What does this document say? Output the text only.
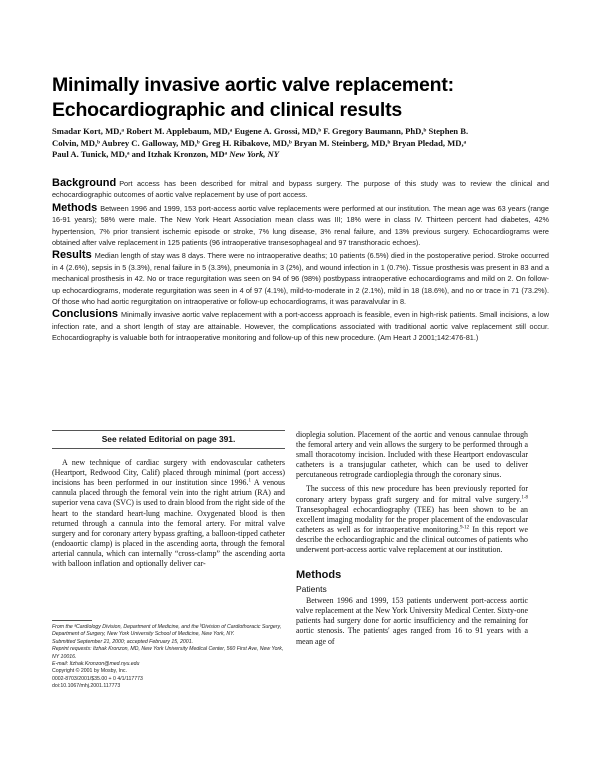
Minimally invasive aortic valve replacement:
Echocardiographic and clinical results
Smadar Kort, MD,ᵃ Robert M. Applebaum, MD,ᵃ Eugene A. Grossi, MD,ᵇ F. Gregory Baumann, PhD,ᵇ Stephen B.
Colvin, MD,ᵇ Aubrey C. Galloway, MD,ᵇ Greg H. Ribakove, MD,ᵇ Bryan M. Steinberg, MD,ᵇ Bryan Pledad, MD,ᵃ
Paul A. Tunick, MD,ᵃ and Itzhak Kronzon, MDᵃ New York, NY

Background Port access has been described for mitral and bypass surgery. The purpose of this study was to review the clinical and echocardiographic outcomes of aortic valve replacement by use of port access.

Methods Between 1996 and 1999, 153 port-access aortic valve replacements were performed at our institution. The mean age was 63 years (range 16-91 years); 58% were male. The New York Heart Association mean class was III; 18% were in class IV. Thirteen percent had diabetes, 42% hypertension, 7% prior transient ischemic episode or stroke, 7% lung disease, 3% renal failure, and 13% previous surgery. Echocardiograms were obtained after valve replacement in 125 patients (96 intraoperative transesophageal and 97 transthoracic echoes).

Results Median length of stay was 8 days. There were no intraoperative deaths; 10 patients (6.5%) died in the postoperative period. Stroke occurred in 4 (2.6%), sepsis in 5 (3.3%), renal failure in 5 (3.3%), pneumonia in 3 (2%), and wound infection in 1 (0.7%). Tissue prosthesis was present in 83 and a mechanical prosthesis in 42. No or trace regurgitation was seen on 94 of 96 (98%) postbypass intraoperative echocardiograms and mild on 2. On follow-up echocardiograms, moderate regurgitation was seen in 4 of 97 (4.1%), mild-to-moderate in 2 (2.1%), mild in 18 (18.6%), and no or trace in 71 (73.2%). Of those who had aortic regurgitation on intraoperative or follow-up echocardiograms, it was paravalvular in 8.

Conclusions Minimally invasive aortic valve replacement with a port-access approach is feasible, even in high-risk patients. Small incisions, a low infection rate, and a short length of stay are attainable. However, the complications associated with traditional aortic valve replacement still occur. Echocardiography is valuable both for intraoperative monitoring and follow-up of this new procedure. (Am Heart J 2001;142:476-81.)

See related Editorial on page 391.

A new technique of cardiac surgery with endovascular catheters (Heartport, Redwood City, Calif) placed through minimal (port access) incisions has been performed in our institution since 1996.$^1$ A venous cannula placed through the femoral vein into the right atrium (RA) and superior vena cava (SVC) is used to drain blood from the right side of the heart to the standard heart-lung machine. Oxygenated blood is then returned through a cannula into the femoral artery. For mitral valve surgery and for coronary artery bypass grafting, a balloon-tipped catheter (endoaortic clamp) is placed in the ascending aorta, through the femoral arterial cannula, which can internally “cross-clamp” the ascending aorta with balloon inflation and optionally deliver car-

From the ᵃCardiology Division, Department of Medicine, and the ᵇDivision of Cardiothoracic Surgery, Department of Surgery, New York University School of Medicine, New York, NY.
Submitted September 21, 2000; accepted February 15, 2001.
Reprint requests: Itzhak Kronzon, MD, New York University Medical Center, 560 First Ave, New York, NY 10016.
E-mail: Itzhak.Kronzon@med.nyu.edu
Copyright © 2001 by Mosby, Inc.
0002-8703/2001/$35.00 + 0 4/1/117773
doi:10.1067/mhj.2001.117773

dioplegia solution. Placement of the aortic and venous cannulae through the femoral artery and vein allows the surgery to be performed through a small thoracotomy incision. Included with these Heartport endovascular catheters is a transjugular catheter, which can be used to deliver percutaneous retrograde cardioplegia through the coronary sinus.

The success of this new procedure has been previously reported for coronary artery bypass graft surgery and for mitral valve surgery.$^{1-8}$ Transesophageal echocardiography (TEE) has been shown to be an excellent imaging modality for the proper placement of the endovascular catheters as well as for intraoperative monitoring.$^{9-12}$ In this report we describe the echocardiographic and the clinical outcomes of patients who underwent port-access aortic valve replacement at our institution.

Methods
Patients

Between 1996 and 1999, 153 patients underwent port-access aortic valve replacement at the New York University Medical Center. Sixty-one patients had surgery done for aortic insufficiency and the remaining for aortic stenosis. The patients' ages ranged from 16 to 91 years with a mean age of
